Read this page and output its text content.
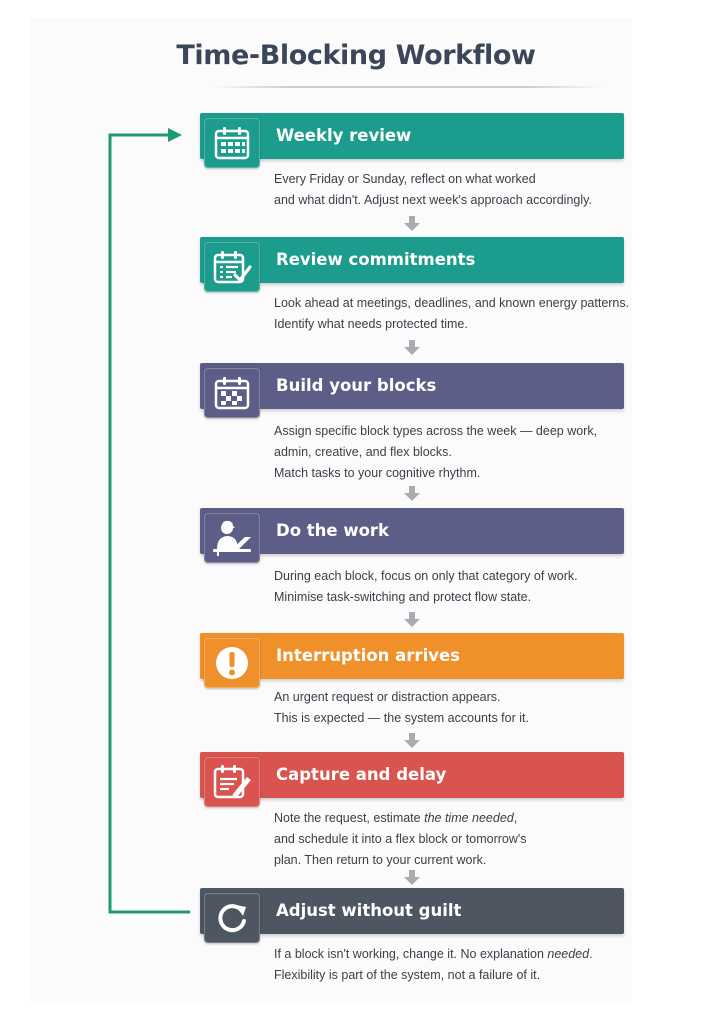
Time-Blocking Workflow
Weekly review
Every Friday or Sunday, reflect on what worked
and what didn't. Adjust next week's approach accordingly.
Review commitments
Look ahead at meetings, deadlines, and known energy patterns.
Identify what needs protected time.
Build your blocks
Assign specific block types across the week — deep work,
admin, creative, and flex blocks.
Match tasks to your cognitive rhythm.
Do the work
During each block, focus on only that category of work.
Minimise task-switching and protect flow state.
Interruption arrives
An urgent request or distraction appears.
This is expected — the system accounts for it.
Capture and delay
Note the request, estimate the time needed,
and schedule it into a flex block or tomorrow's
plan. Then return to your current work.
Adjust without guilt
If a block isn't working, change it. No explanation needed.
Flexibility is part of the system, not a failure of it.
